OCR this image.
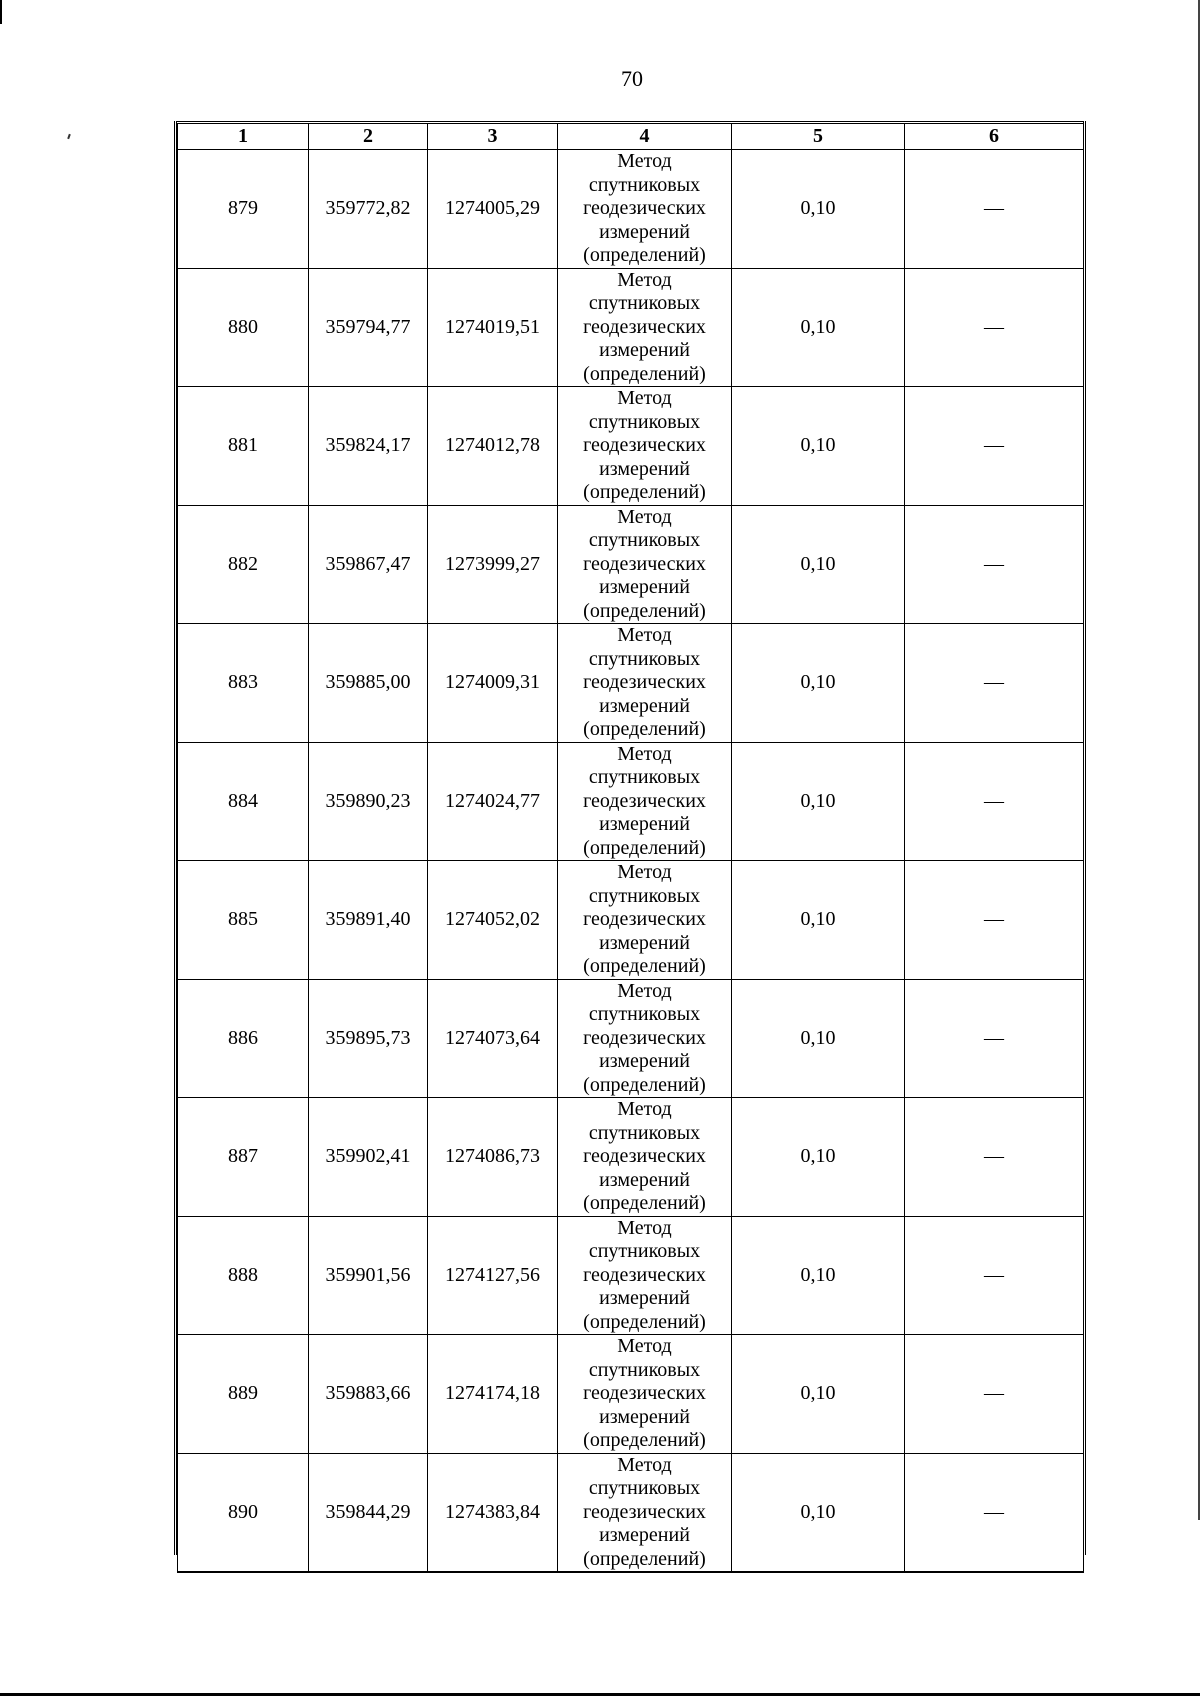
70
1	2	3	4	5	6
879	359772,82	1274005,29	Метод
спутниковых
геодезических
измерений
(определений)	0,10	—
880	359794,77	1274019,51	Метод
спутниковых
геодезических
измерений
(определений)	0,10	—
881	359824,17	1274012,78	Метод
спутниковых
геодезических
измерений
(определений)	0,10	—
882	359867,47	1273999,27	Метод
спутниковых
геодезических
измерений
(определений)	0,10	—
883	359885,00	1274009,31	Метод
спутниковых
геодезических
измерений
(определений)	0,10	—
884	359890,23	1274024,77	Метод
спутниковых
геодезических
измерений
(определений)	0,10	—
885	359891,40	1274052,02	Метод
спутниковых
геодезических
измерений
(определений)	0,10	—
886	359895,73	1274073,64	Метод
спутниковых
геодезических
измерений
(определений)	0,10	—
887	359902,41	1274086,73	Метод
спутниковых
геодезических
измерений
(определений)	0,10	—
888	359901,56	1274127,56	Метод
спутниковых
геодезических
измерений
(определений)	0,10	—
889	359883,66	1274174,18	Метод
спутниковых
геодезических
измерений
(определений)	0,10	—
890	359844,29	1274383,84	Метод
спутниковых
геодезических
измерений
(определений)	0,10	—
